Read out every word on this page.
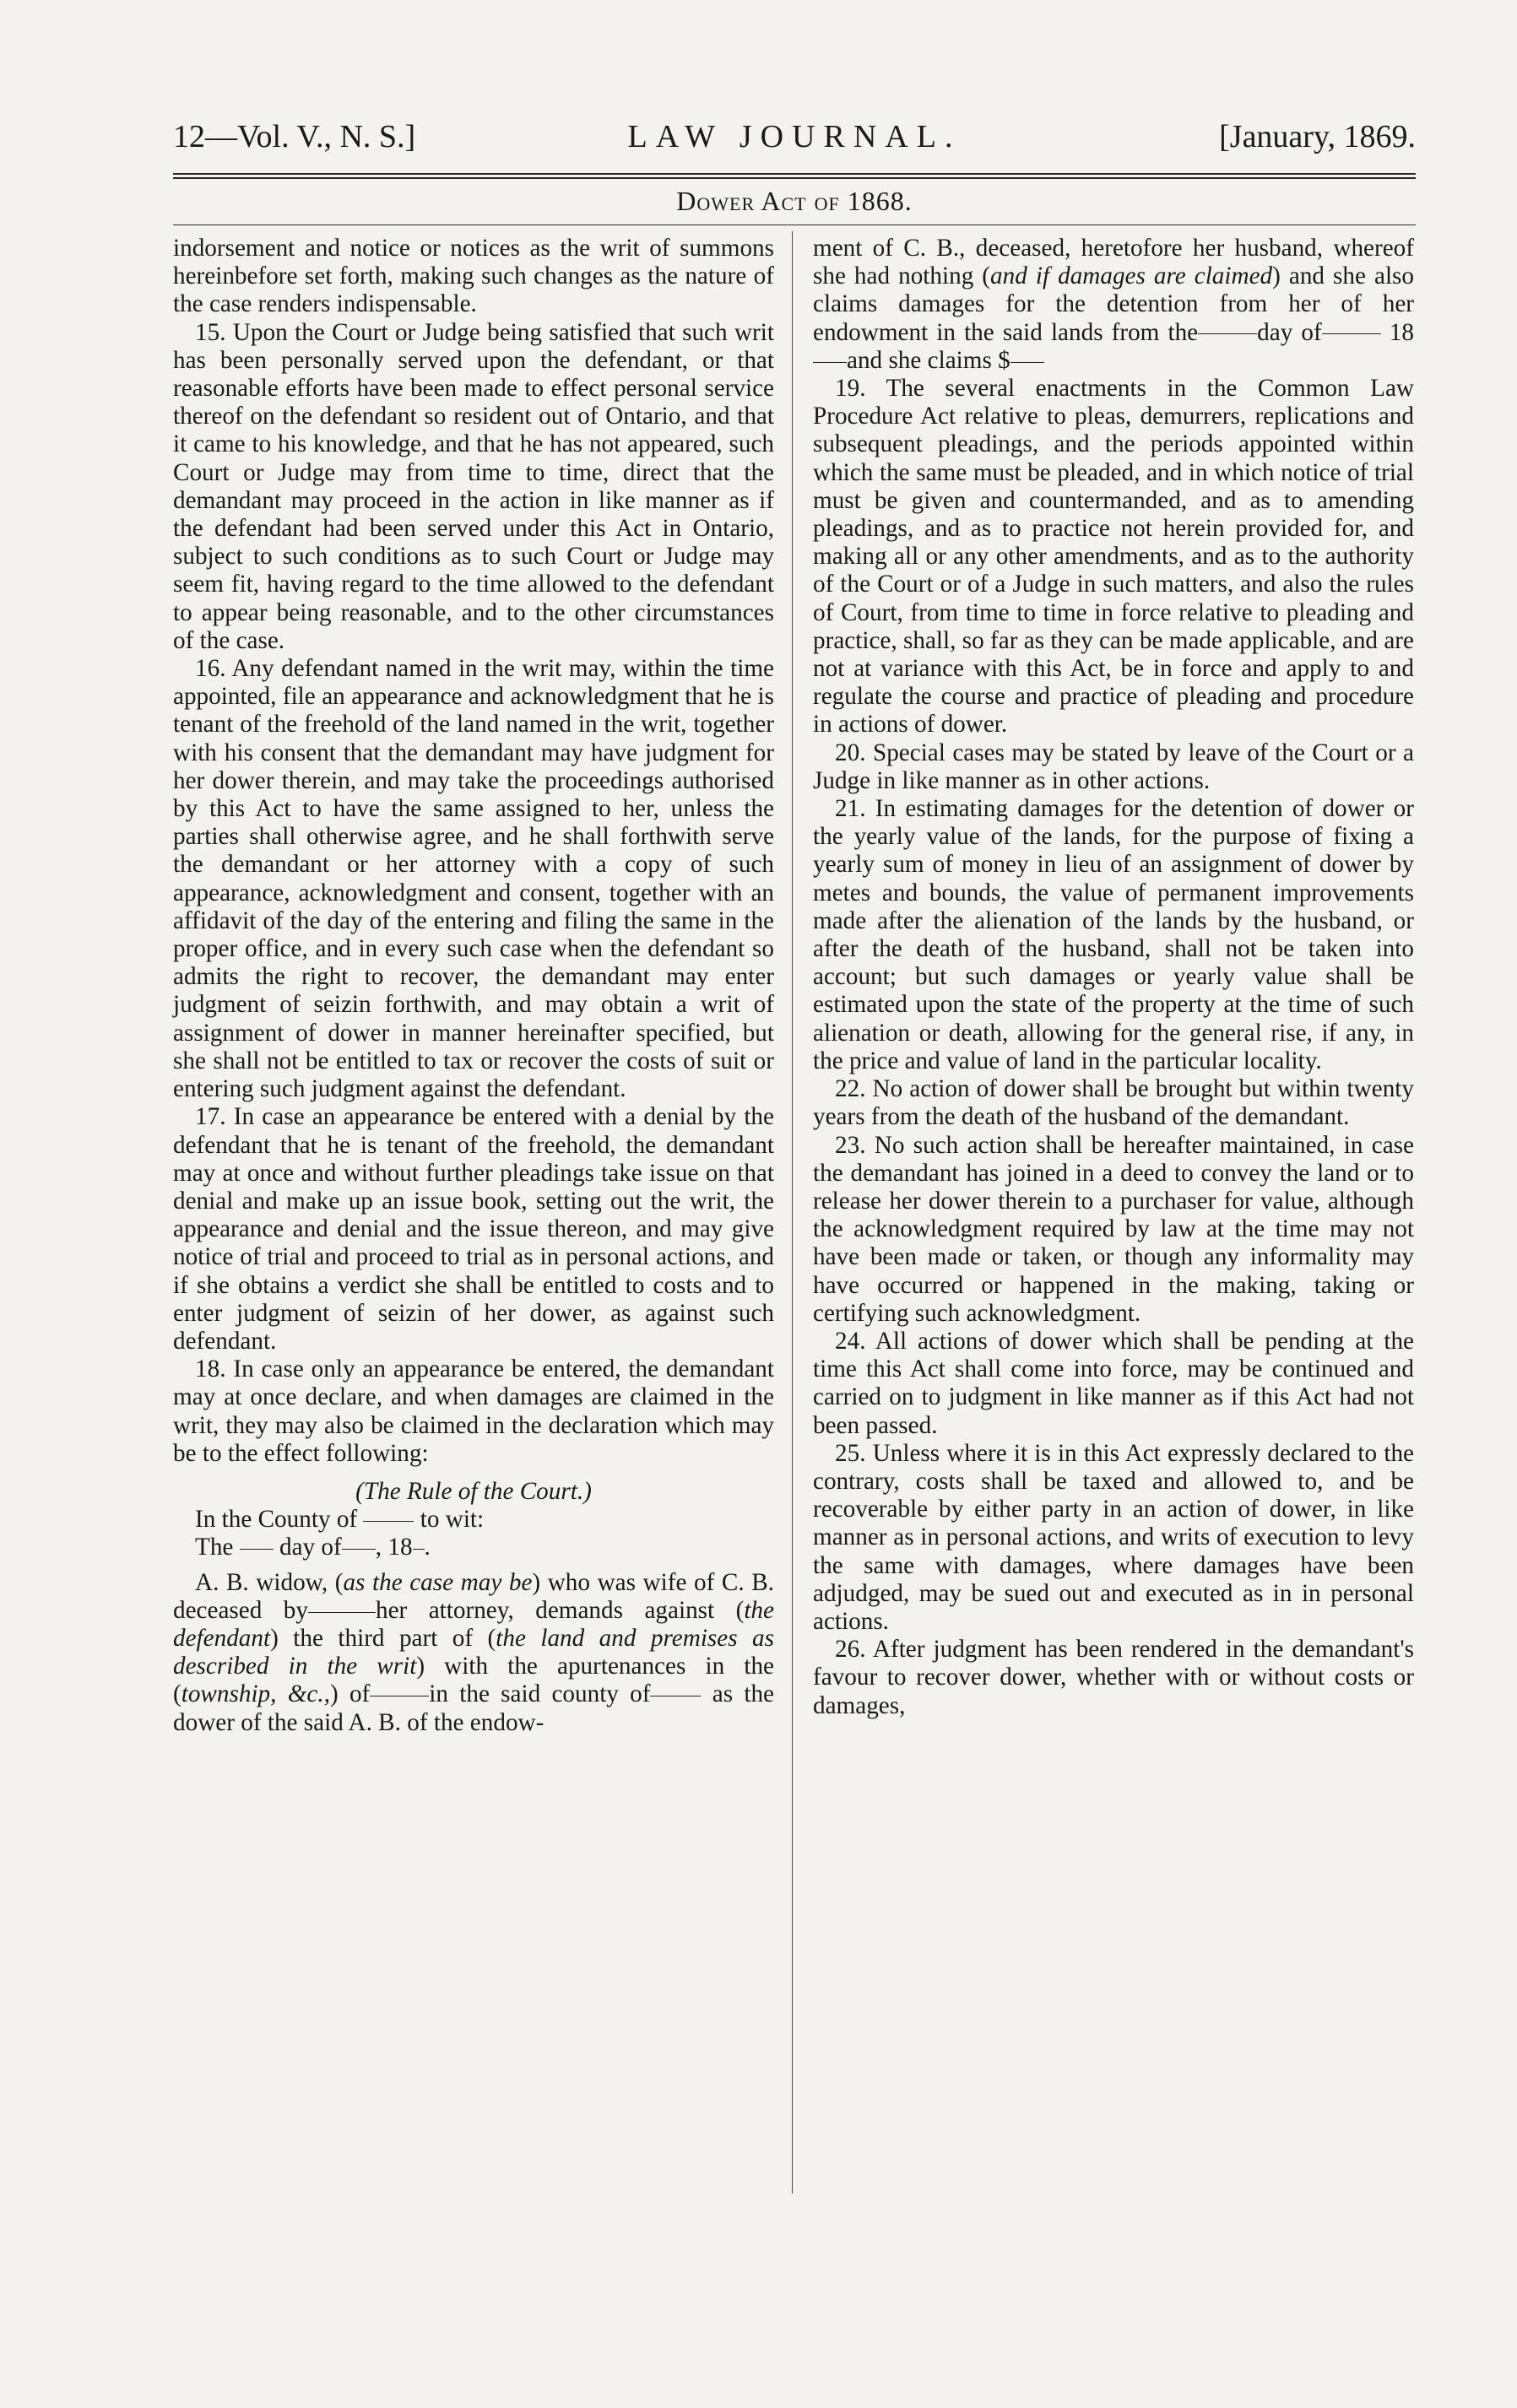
12—Vol. V., N. S.]	LAW JOURNAL.	[January, 1869.
Dower Act of 1868.

indorsement and notice or notices as the writ of summons hereinbefore set forth, making such changes as the nature of the case renders indispensable.

15. Upon the Court or Judge being satisfied that such writ has been personally served upon the defendant, or that reasonable efforts have been made to effect personal service thereof on the defendant so resident out of Ontario, and that it came to his knowledge, and that he has not appeared, such Court or Judge may from time to time, direct that the demandant may proceed in the action in like manner as if the defendant had been served under this Act in Ontario, subject to such conditions as to such Court or Judge may seem fit, having regard to the time allowed to the defendant to appear being reasonable, and to the other circumstances of the case.

16. Any defendant named in the writ may, within the time appointed, file an appearance and acknowledgment that he is tenant of the freehold of the land named in the writ, together with his consent that the demandant may have judgment for her dower therein, and may take the proceedings authorised by this Act to have the same assigned to her, unless the parties shall otherwise agree, and he shall forthwith serve the demandant or her attorney with a copy of such appearance, acknowledgment and consent, together with an affidavit of the day of the entering and filing the same in the proper office, and in every such case when the defendant so admits the right to recover, the demandant may enter judgment of seizin forthwith, and may obtain a writ of assignment of dower in manner hereinafter specified, but she shall not be entitled to tax or recover the costs of suit or entering such judgment against the defendant.

17. In case an appearance be entered with a denial by the defendant that he is tenant of the freehold, the demandant may at once and without further pleadings take issue on that denial and make up an issue book, setting out the writ, the appearance and denial and the issue thereon, and may give notice of trial and proceed to trial as in personal actions, and if she obtains a verdict she shall be entitled to costs and to enter judgment of seizin of her dower, as against such defendant.

18. In case only an appearance be entered, the demandant may at once declare, and when damages are claimed in the writ, they may also be claimed in the declaration which may be to the effect following:

(The Rule of the Court.)

In the County of	to wit:

The day of , 18 .

A. B. widow, (as the case may be) who was wife of C. B. deceased by	her attorney, demands against (the defendant) the third part of (the land and premises as described in the writ) with the apurtenances in the (township, &c.,) of in the said county of	as the dower of the said A. B. of the endow-

ment of C. B., deceased, heretofore her husband, whereof she had nothing (and if damages are claimed) and she also claims damages for the detention from her of her endowment in the said lands from the day of	18and she claims $

19. The several enactments in the Common Law Procedure Act relative to pleas, demurrers, replications and subsequent pleadings, and the periods appointed within which the same must be pleaded, and in which notice of trial must be given and countermanded, and as to amending pleadings, and as to practice not herein provided for, and making all or any other amendments, and as to the authority of the Court or of a Judge in such matters, and also the rules of Court, from time to time in force relative to pleading and practice, shall, so far as they can be made applicable, and are not at variance with this Act, be in force and apply to and regulate the course and practice of pleading and procedure in actions of dower.

20. Special cases may be stated by leave of the Court or a Judge in like manner as in other actions.

21. In estimating damages for the detention of dower or the yearly value of the lands, for the purpose of fixing a yearly sum of money in lieu of an assignment of dower by metes and bounds, the value of permanent improvements made after the alienation of the lands by the husband, or after the death of the husband, shall not be taken into account; but such damages or yearly value shall be estimated upon the state of the property at the time of such alienation or death, allowing for the general rise, if any, in the price and value of land in the particular locality.

22. No action of dower shall be brought but within twenty years from the death of the husband of the demandant.

23. No such action shall be hereafter maintained, in case the demandant has joined in a deed to convey the land or to release her dower therein to a purchaser for value, although the acknowledgment required by law at the time may not have been made or taken, or though any informality may have occurred or happened in the making, taking or certifying such acknowledgment.

24. All actions of dower which shall be pending at the time this Act shall come into force, may be continued and carried on to judgment in like manner as if this Act had not been passed.

25. Unless where it is in this Act expressly declared to the contrary, costs shall be taxed and allowed to, and be recoverable by either party in an action of dower, in like manner as in personal actions, and writs of execution to levy the same with damages, where damages have been adjudged, may be sued out and executed as in in personal actions.

26. After judgment has been rendered in the demandant's favour to recover dower, whether with or without costs or damages,
